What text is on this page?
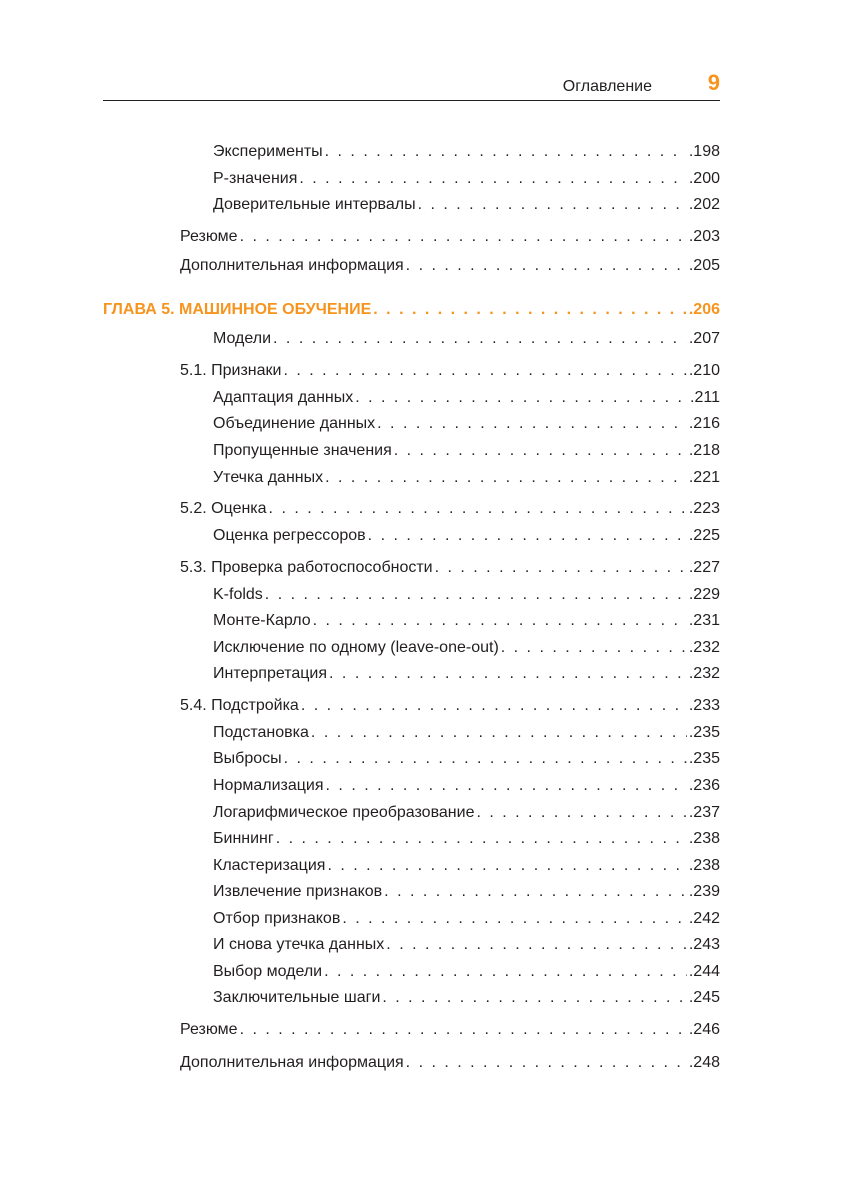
Оглавление	9
Эксперименты . . .	.198
P-значения . . .	.200
Доверительные интервалы . . .	.202
Резюме . . .	.203
Дополнительная информация . . .	.205
ГЛАВА 5. МАШИННОЕ ОБУЧЕНИЕ . . .	.206
Модели . . .	.207
5.1. Признаки . . .	.210
Адаптация данных . . .	.211
Объединение данных . . .	.216
Пропущенные значения . . .	.218
Утечка данных . . .	.221
5.2. Оценка . . .	.223
Оценка регрессоров . . .	.225
5.3. Проверка работоспособности . . .	.227
K-folds . . .	.229
Монте-Карло . . .	.231
Исключение по одному (leave-one-out) . . .	.232
Интерпретация . . .	.232
5.4. Подстройка . . .	.233
Подстановка . . .	.235
Выбросы . . .	.235
Нормализация . . .	.236
Логарифмическое преобразование . . .	.237
Биннинг . . .	.238
Кластеризация . . .	.238
Извлечение признаков . . .	.239
Отбор признаков . . .	.242
И снова утечка данных . . .	.243
Выбор модели . . .	.244
Заключительные шаги . . .	.245
Резюме . . .	.246
Дополнительная информация . . .	.248
